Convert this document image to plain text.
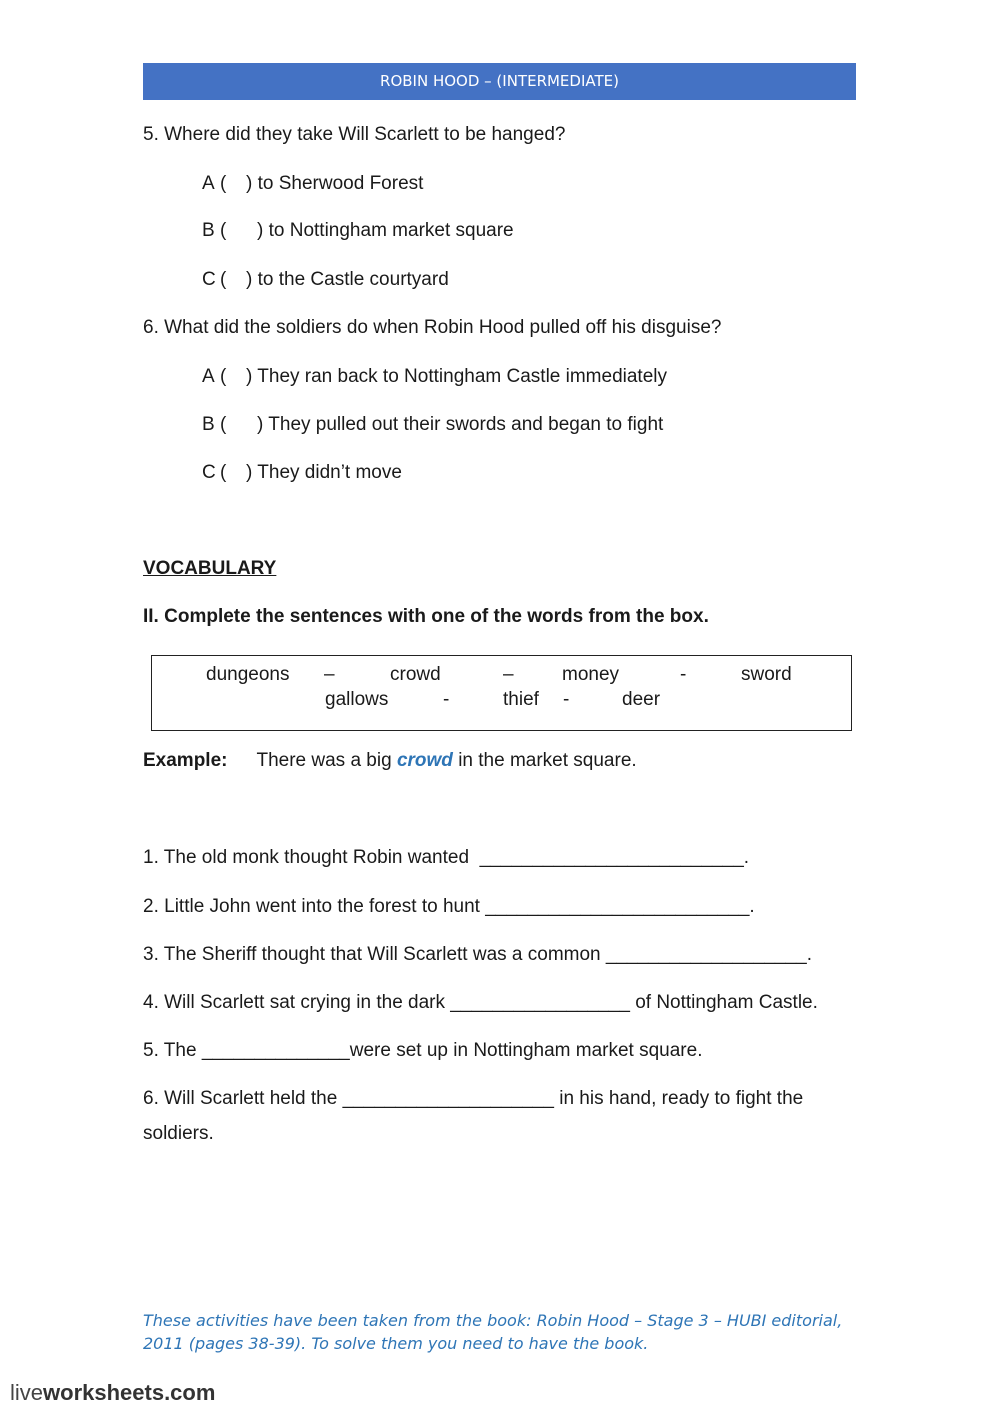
ROBIN HOOD – (INTERMEDIATE)
5. Where did they take Will Scarlett to be hanged?
A ( ) to Sherwood Forest
B ( ) to Nottingham market square
C ( ) to the Castle courtyard
6. What did the soldiers do when Robin Hood pulled off his disguise?
A ( ) They ran back to Nottingham Castle immediately
B ( ) They pulled out their swords and began to fight
C ( ) They didn’t move
VOCABULARY
II. Complete the sentences with one of the words from the box.
dungeons –	crowd	–	money	-	sword
gallows	-	thief -	deer
Example: There was a big crowd in the market square.
1. The old monk thought Robin wanted _________________________.
2. Little John went into the forest to hunt _________________________.
3. The Sheriff thought that Will Scarlett was a common ___________________.
4. Will Scarlett sat crying in the dark _________________ of Nottingham Castle.
5. The ______________were set up in Nottingham market square.
6. Will Scarlett held the ____________________ in his hand, ready to fight the
soldiers.
These activities have been taken from the book: Robin Hood – Stage 3 – HUBI editorial, 2011 (pages 38-39). To solve them you need to have the book.
liveworksheets.com
